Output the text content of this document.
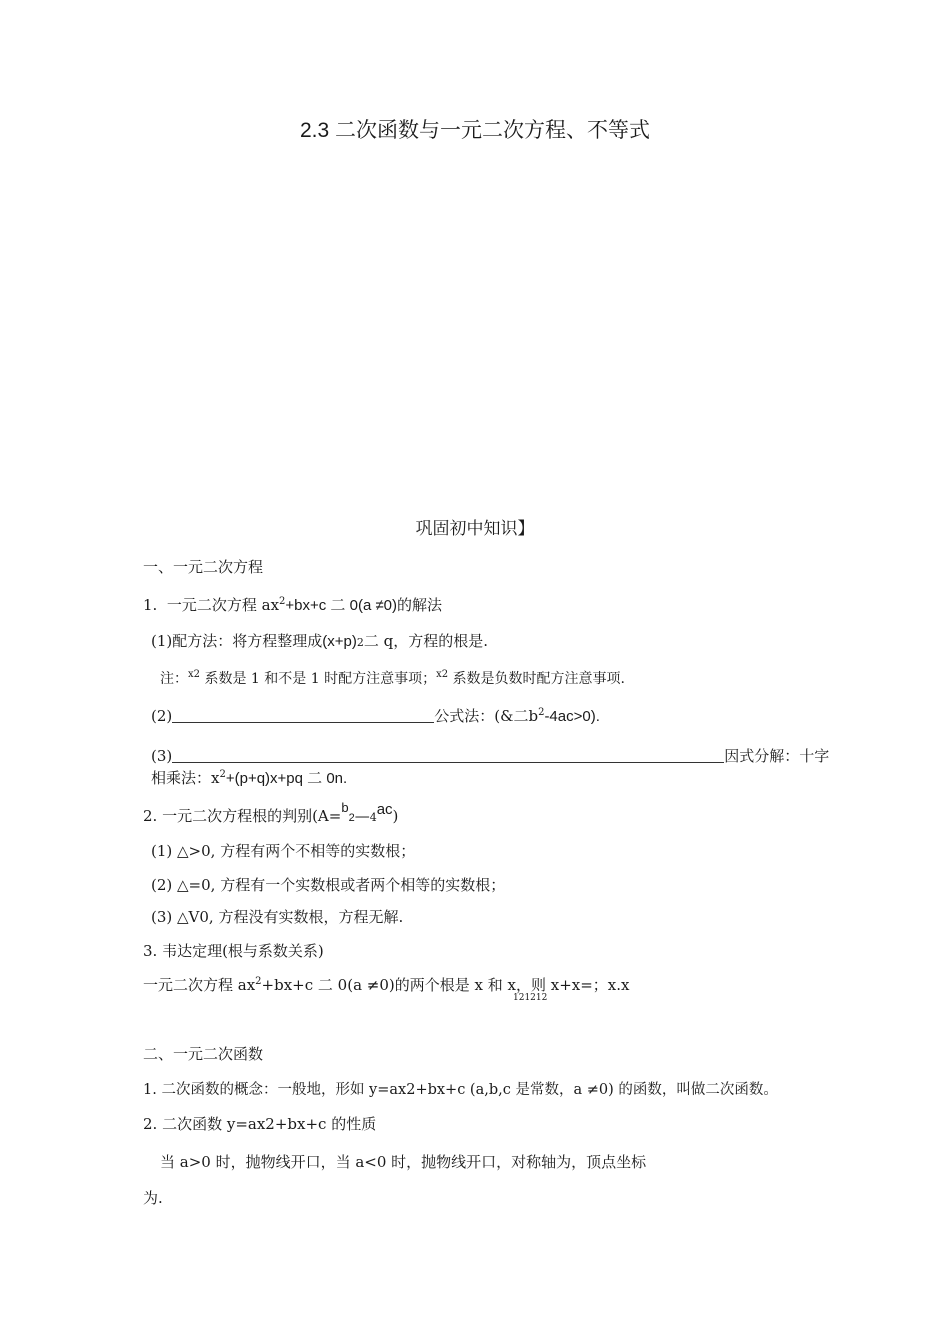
2.3 二次函数与一元二次方程、不等式
巩固初中知识】
一、一元二次方程
1. 一元二次方程 $ax^2+bx+c$ 二 0(a ≠0)的解法
(1)配方法：将方程整理成(x+p)2二 q，方程的根是.
注：$^{x2}$ 系数是 1 和不是 1 时配方注意事项；$^{x2}$ 系数是负数时配方注意事项.
(2)	公式法：(&二$b^2-4ac>0$).
(3)	因式分解：十字
相乘法：$x^2+(p+q)x+pq$ 二 0n.
2. 一元二次方程根的判别(A=b2—4ac)
(1) △>0, 方程有两个不相等的实数根；
(2) △=0, 方程有一个实数根或者两个相等的实数根；
(3) △V0, 方程没有实数根，方程无解.
3. 韦达定理(根与系数关系)
一元二次方程 $ax^2+bx+c$ 二 0(a ≠0)的两个根是 x 和 x，则 x+x=；x.x
121212
二、一元二次函数
1. 二次函数的概念：一般地，形如 y=ax2+bx+c (a,b,c 是常数，a ≠0) 的函数，叫做二次函数。
2. 二次函数 y=ax2+bx+c 的性质
当 a>0 时，抛物线开口，当 a<0 时，抛物线开口，对称轴为，顶点坐标
为.
